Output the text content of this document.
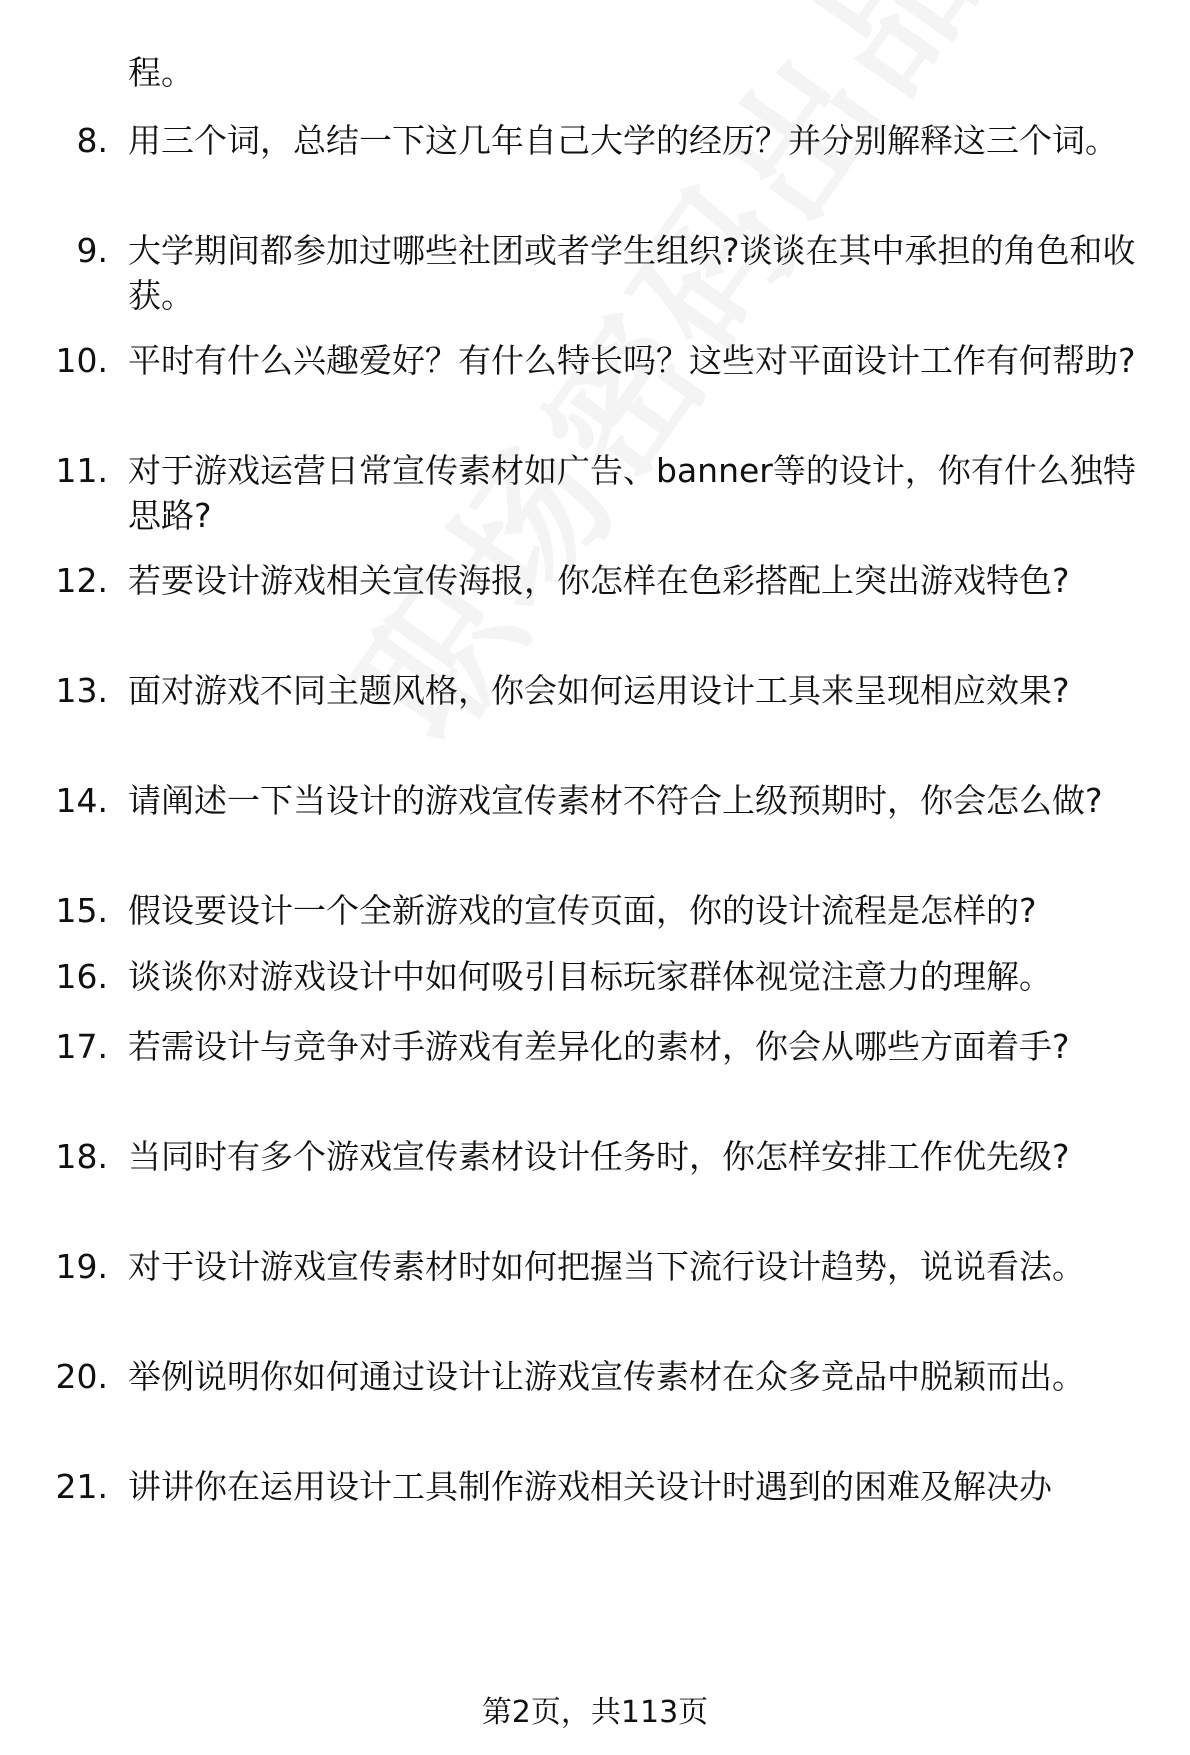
程。
8. 用三个词，总结一下这几年自己大学的经历？并分别解释这三个词。
9. 大学期间都参加过哪些社团或者学生组织?谈谈在其中承担的角色和收获。
10. 平时有什么兴趣爱好？有什么特长吗？这些对平面设计工作有何帮助?
11. 对于游戏运营日常宣传素材如广告、banner等的设计，你有什么独特思路?
12. 若要设计游戏相关宣传海报，你怎样在色彩搭配上突出游戏特色?
13. 面对游戏不同主题风格，你会如何运用设计工具来呈现相应效果?
14. 请阐述一下当设计的游戏宣传素材不符合上级预期时，你会怎么做?
15. 假设要设计一个全新游戏的宣传页面，你的设计流程是怎样的?
16. 谈谈你对游戏设计中如何吸引目标玩家群体视觉注意力的理解。
17. 若需设计与竞争对手游戏有差异化的素材，你会从哪些方面着手?
18. 当同时有多个游戏宣传素材设计任务时，你怎样安排工作优先级?
19. 对于设计游戏宣传素材时如何把握当下流行设计趋势，说说看法。
20. 举例说明你如何通过设计让游戏宣传素材在众多竞品中脱颖而出。
21. 讲讲你在运用设计工具制作游戏相关设计时遇到的困难及解决办
第2页，共113页
